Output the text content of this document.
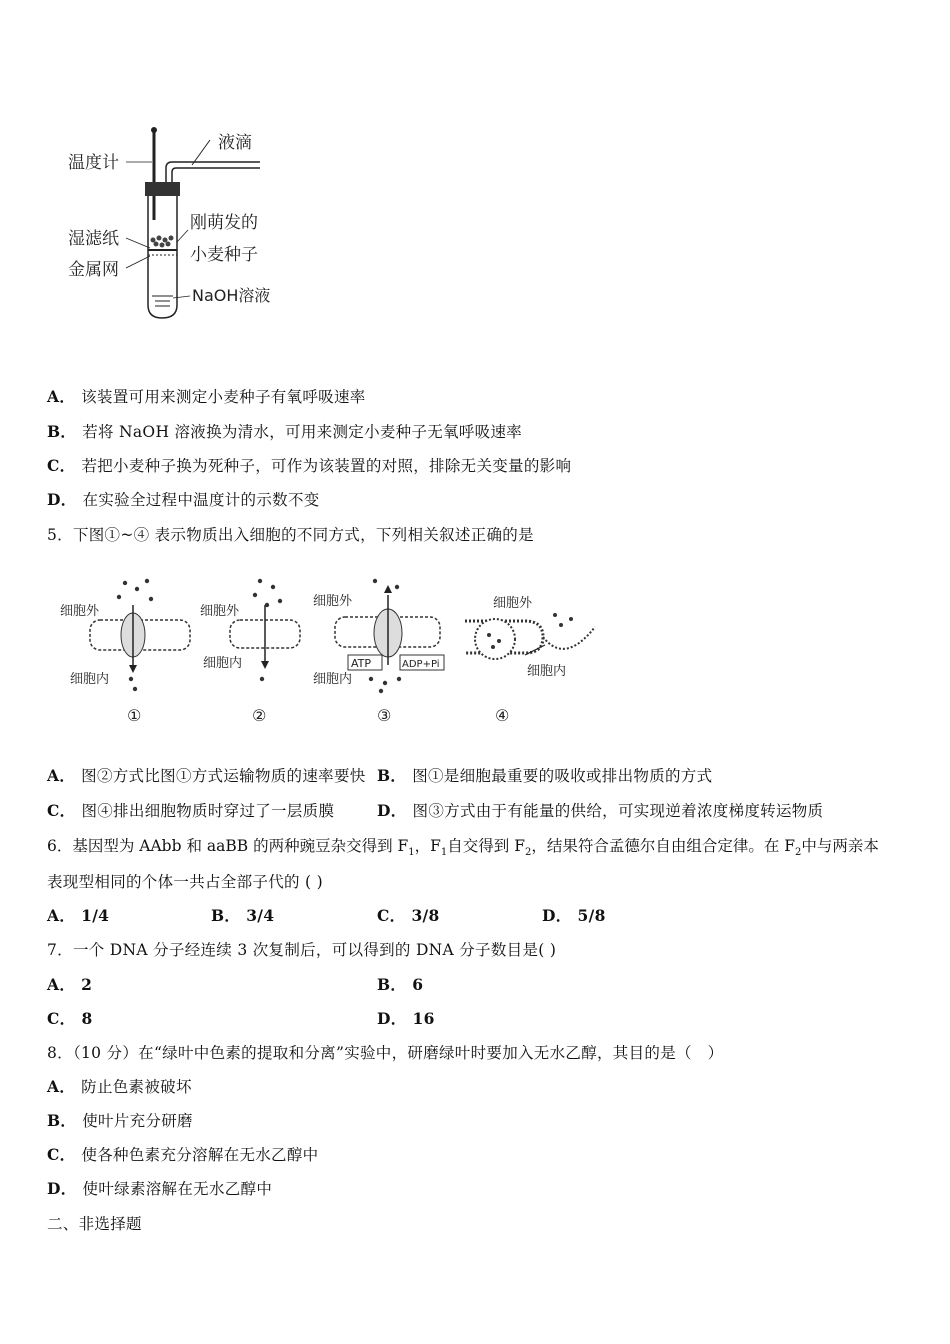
温度计
液滴
湿滤纸
刚萌发的
小麦种子
金属网
NaOH溶液
A． 该装置可用来测定小麦种子有氧呼吸速率
B． 若将 NaOH 溶液换为清水，可用来测定小麦种子无氧呼吸速率
C． 若把小麦种子换为死种子，可作为该装置的对照，排除无关变量的影响
D． 在实验全过程中温度计的示数不变
5．下图①~④ 表示物质出入细胞的不同方式，下列相关叙述正确的是
细胞外
细胞内
细胞外
细胞内
细胞外
ATP	ADP+Pi
细胞内
细胞外
细胞内
①	②	③	④
A． 图②方式比图①方式运输物质的速率要快 B． 图①是细胞最重要的吸收或排出物质的方式
C． 图④排出细胞物质时穿过了一层质膜	D． 图③方式由于有能量的供给，可实现逆着浓度梯度转运物质
6．基因型为 AAbb 和 aaBB 的两种豌豆杂交得到 $F_1$，$F_1$自交得到 $F_2$，结果符合孟德尔自由组合定律。在 $F_2$中与两亲本
表现型相同的个体一共占全部子代的 ( )
A． 1/4	B． 3/4	C． 3/8	D． 5/8
7．一个 DNA 分子经连续 3 次复制后，可以得到的 DNA 分子数目是( )
A． 2	B． 6
C． 8	D． 16
8．（10 分）在“绿叶中色素的提取和分离”实验中，研磨绿叶时要加入无水乙醇，其目的是（　）
A． 防止色素被破坏
B． 使叶片充分研磨
C． 使各种色素充分溶解在无水乙醇中
D． 使叶绿素溶解在无水乙醇中
二、非选择题
